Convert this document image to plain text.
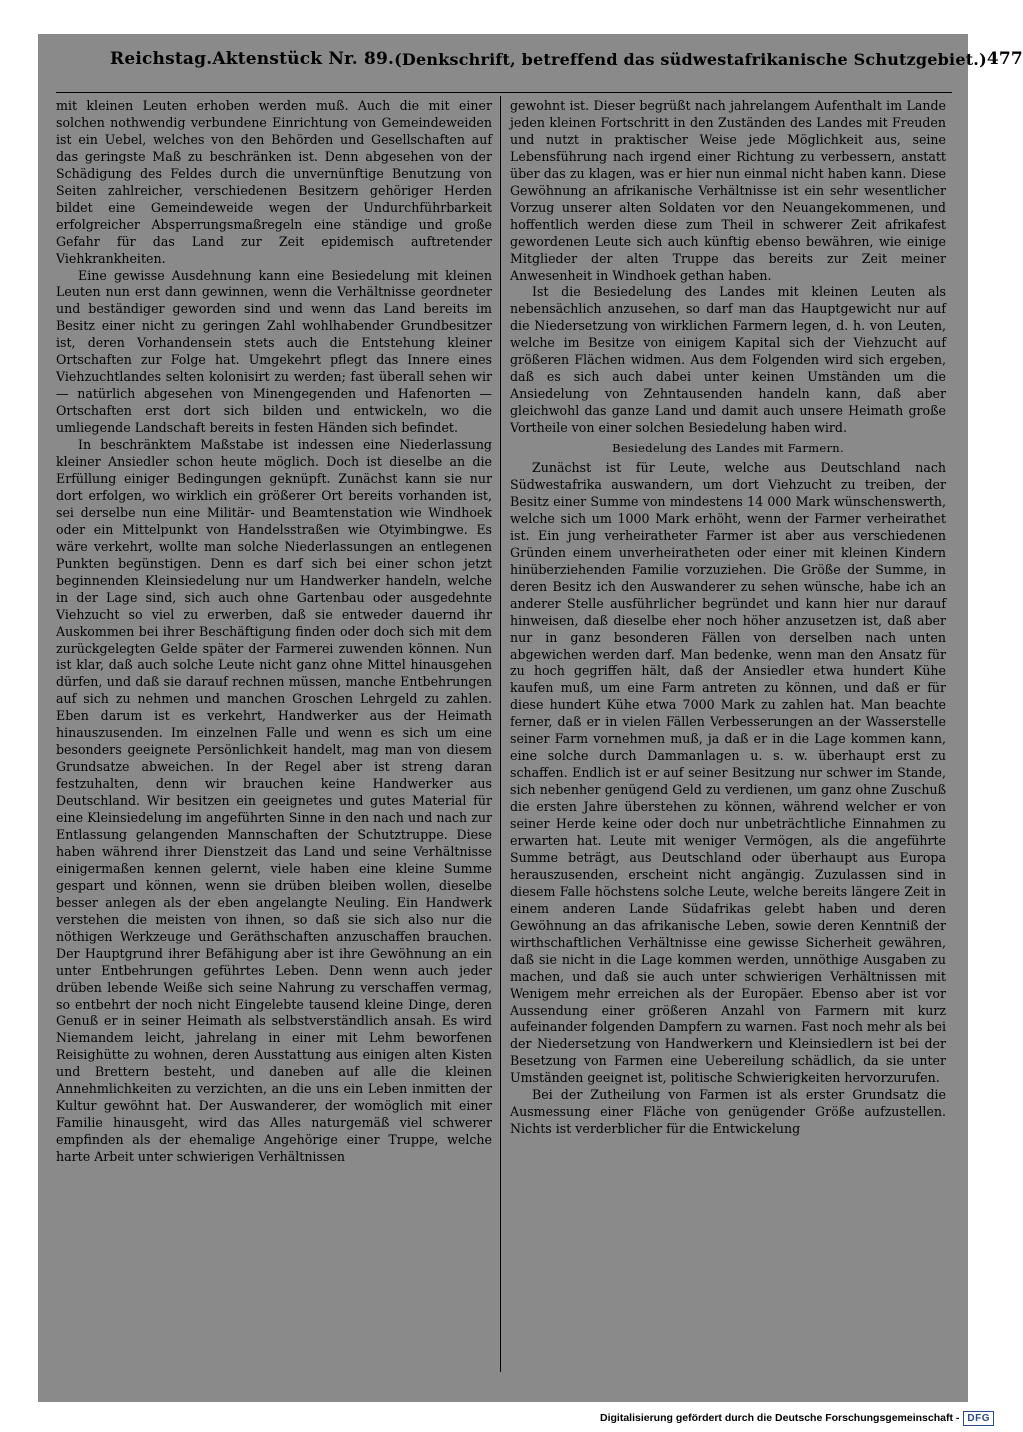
Reichstag. Aktenstück Nr. 89. (Denkschrift, betreffend das südwestafrikanische Schutzgebiet.) 477

mit kleinen Leuten erhoben werden muß. Auch die mit einer solchen nothwendig verbundene Einrichtung von Gemeindeweiden ist ein Uebel, welches von den Behörden und Gesellschaften auf das geringste Maß zu beschränken ist. Denn abgesehen von der Schädigung des Feldes durch die unvernünftige Benutzung von Seiten zahlreicher, verschiedenen Besitzern gehöriger Herden bildet eine Gemeindeweide wegen der Undurchführbarkeit erfolgreicher Absperrungsmaßregeln eine ständige und große Gefahr für das Land zur Zeit epidemisch auftretender Viehkrankheiten.

Eine gewisse Ausdehnung kann eine Besiedelung mit kleinen Leuten nun erst dann gewinnen, wenn die Verhältnisse geordneter und beständiger geworden sind und wenn das Land bereits im Besitz einer nicht zu geringen Zahl wohlhabender Grundbesitzer ist, deren Vorhandensein stets auch die Entstehung kleiner Ortschaften zur Folge hat. Umgekehrt pflegt das Innere eines Viehzuchtlandes selten kolonisirt zu werden; fast überall sehen wir — natürlich abgesehen von Minengegenden und Hafenorten — Ortschaften erst dort sich bilden und entwickeln, wo die umliegende Landschaft bereits in festen Händen sich befindet.

In beschränktem Maßstabe ist indessen eine Niederlassung kleiner Ansiedler schon heute möglich. Doch ist dieselbe an die Erfüllung einiger Bedingungen geknüpft. Zunächst kann sie nur dort erfolgen, wo wirklich ein größerer Ort bereits vorhanden ist, sei derselbe nun eine Militär- und Beamtenstation wie Windhoek oder ein Mittelpunkt von Handelsstraßen wie Otyimbingwe. Es wäre verkehrt, wollte man solche Niederlassungen an entlegenen Punkten begünstigen. Denn es darf sich bei einer schon jetzt beginnenden Kleinsiedelung nur um Handwerker handeln, welche in der Lage sind, sich auch ohne Gartenbau oder ausgedehnte Viehzucht so viel zu erwerben, daß sie entweder dauernd ihr Auskommen bei ihrer Beschäftigung finden oder doch sich mit dem zurückgelegten Gelde später der Farmerei zuwenden können. Nun ist klar, daß auch solche Leute nicht ganz ohne Mittel hinausgehen dürfen, und daß sie darauf rechnen müssen, manche Entbehrungen auf sich zu nehmen und manchen Groschen Lehrgeld zu zahlen. Eben darum ist es verkehrt, Handwerker aus der Heimath hinauszusenden. Im einzelnen Falle und wenn es sich um eine besonders geeignete Persönlichkeit handelt, mag man von diesem Grundsatze abweichen. In der Regel aber ist streng daran festzuhalten, denn wir brauchen keine Handwerker aus Deutschland. Wir besitzen ein geeignetes und gutes Material für eine Kleinsiedelung im angeführten Sinne in den nach und nach zur Entlassung gelangenden Mannschaften der Schutztruppe. Diese haben während ihrer Dienstzeit das Land und seine Verhältnisse einigermaßen kennen gelernt, viele haben eine kleine Summe gespart und können, wenn sie drüben bleiben wollen, dieselbe besser anlegen als der eben angelangte Neuling. Ein Handwerk verstehen die meisten von ihnen, so daß sie sich also nur die nöthigen Werkzeuge und Geräthschaften anzuschaffen brauchen. Der Hauptgrund ihrer Befähigung aber ist ihre Gewöhnung an ein unter Entbehrungen geführtes Leben. Denn wenn auch jeder drüben lebende Weiße sich seine Nahrung zu verschaffen vermag, so entbehrt der noch nicht Eingelebte tausend kleine Dinge, deren Genuß er in seiner Heimath als selbstverständlich ansah. Es wird Niemandem leicht, jahrelang in einer mit Lehm beworfenen Reisighütte zu wohnen, deren Ausstattung aus einigen alten Kisten und Brettern besteht, und daneben auf alle die kleinen Annehmlichkeiten zu verzichten, an die uns ein Leben inmitten der Kultur gewöhnt hat. Der Auswanderer, der womöglich mit einer Familie hinausgeht, wird das Alles naturgemäß viel schwerer empfinden als der ehemalige Angehörige einer Truppe, welche harte Arbeit unter schwierigen Verhältnissen

gewohnt ist. Dieser begrüßt nach jahrelangem Aufenthalt im Lande jeden kleinen Fortschritt in den Zuständen des Landes mit Freuden und nutzt in praktischer Weise jede Möglichkeit aus, seine Lebensführung nach irgend einer Richtung zu verbessern, anstatt über das zu klagen, was er hier nun einmal nicht haben kann. Diese Gewöhnung an afrikanische Verhältnisse ist ein sehr wesentlicher Vorzug unserer alten Soldaten vor den Neuangekommenen, und hoffentlich werden diese zum Theil in schwerer Zeit afrikafest gewordenen Leute sich auch künftig ebenso bewähren, wie einige Mitglieder der alten Truppe das bereits zur Zeit meiner Anwesenheit in Windhoek gethan haben.

Ist die Besiedelung des Landes mit kleinen Leuten als nebensächlich anzusehen, so darf man das Hauptgewicht nur auf die Niedersetzung von wirklichen Farmern legen, d. h. von Leuten, welche im Besitze von einigem Kapital sich der Viehzucht auf größeren Flächen widmen. Aus dem Folgenden wird sich ergeben, daß es sich auch dabei unter keinen Umständen um die Ansiedelung von Zehntausenden handeln kann, daß aber gleichwohl das ganze Land und damit auch unsere Heimath große Vortheile von einer solchen Besiedelung haben wird.

Besiedelung des Landes mit Farmern.

Zunächst ist für Leute, welche aus Deutschland nach Südwestafrika auswandern, um dort Viehzucht zu treiben, der Besitz einer Summe von mindestens 14 000 Mark wünschenswerth, welche sich um 1000 Mark erhöht, wenn der Farmer verheirathet ist. Ein jung verheiratheter Farmer ist aber aus verschiedenen Gründen einem unverheiratheten oder einer mit kleinen Kindern hinüberziehenden Familie vorzuziehen. Die Größe der Summe, in deren Besitz ich den Auswanderer zu sehen wünsche, habe ich an anderer Stelle ausführlicher begründet und kann hier nur darauf hinweisen, daß dieselbe eher noch höher anzusetzen ist, daß aber nur in ganz besonderen Fällen von derselben nach unten abgewichen werden darf. Man bedenke, wenn man den Ansatz für zu hoch gegriffen hält, daß der Ansiedler etwa hundert Kühe kaufen muß, um eine Farm antreten zu können, und daß er für diese hundert Kühe etwa 7000 Mark zu zahlen hat. Man beachte ferner, daß er in vielen Fällen Verbesserungen an der Wasserstelle seiner Farm vornehmen muß, ja daß er in die Lage kommen kann, eine solche durch Dammanlagen u. s. w. überhaupt erst zu schaffen. Endlich ist er auf seiner Besitzung nur schwer im Stande, sich nebenher genügend Geld zu verdienen, um ganz ohne Zuschuß die ersten Jahre überstehen zu können, während welcher er von seiner Herde keine oder doch nur unbeträchtliche Einnahmen zu erwarten hat. Leute mit weniger Vermögen, als die angeführte Summe beträgt, aus Deutschland oder überhaupt aus Europa herauszusenden, erscheint nicht angängig. Zuzulassen sind in diesem Falle höchstens solche Leute, welche bereits längere Zeit in einem anderen Lande Südafrikas gelebt haben und deren Gewöhnung an das afrikanische Leben, sowie deren Kenntniß der wirthschaftlichen Verhältnisse eine gewisse Sicherheit gewähren, daß sie nicht in die Lage kommen werden, unnöthige Ausgaben zu machen, und daß sie auch unter schwierigen Verhältnissen mit Wenigem mehr erreichen als der Europäer. Ebenso aber ist vor Aussendung einer größeren Anzahl von Farmern mit kurz aufeinander folgenden Dampfern zu warnen. Fast noch mehr als bei der Niedersetzung von Handwerkern und Kleinsiedlern ist bei der Besetzung von Farmen eine Uebereilung schädlich, da sie unter Umständen geeignet ist, politische Schwierigkeiten hervorzurufen.

Bei der Zutheilung von Farmen ist als erster Grundsatz die Ausmessung einer Fläche von genügender Größe aufzustellen. Nichts ist verderblicher für die Entwickelung

Digitalisierung gefördert durch die Deutsche Forschungsgemeinschaft - DFG
